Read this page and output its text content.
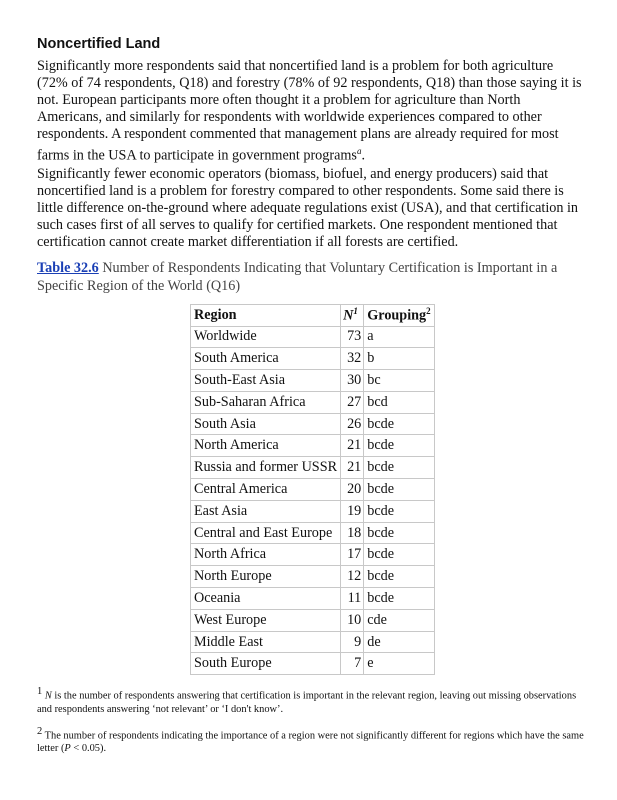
Noncertified Land

Significantly more respondents said that noncertified land is a problem for both agriculture (72% of 74 respondents, Q18) and forestry (78% of 92 respondents, Q18) than those saying it is not. European participants more often thought it a problem for agriculture than North Americans, and similarly for respondents with worldwide experiences compared to other respondents. A respondent commented that management plans are already required for most farms in the USA to participate in government programs$^a$.

Significantly fewer economic operators (biomass, biofuel, and energy producers) said that noncertified land is a problem for forestry compared to other respondents. Some said there is little difference on-the-ground where adequate regulations exist (USA), and that certification in such cases first of all serves to qualify for certified markets. One respondent mentioned that certification cannot create market differentiation if all forests are certified.

Table 32.6 Number of Respondents Indicating that Voluntary Certification is Important in a Specific Region of the World (Q16)
Region	$N^1$	Grouping$^2$
Worldwide	73	a
South America	32	b
South-East Asia	30	bc
Sub-Saharan Africa	27	bcd
South Asia	26	bcde
North America	21	bcde
Russia and former USSR	21	bcde
Central America	20	bcde
East Asia	19	bcde
Central and East Europe	18	bcde
North Africa	17	bcde
North Europe	12	bcde
Oceania	11	bcde
West Europe	10	cde
Middle East	9	de
South Europe	7	e

$^1$ N is the number of respondents answering that certification is important in the relevant region, leaving out missing observations and respondents answering ‘not relevant’ or ‘I don't know’.

$^2$ The number of respondents indicating the importance of a region were not significantly different for regions which have the same letter (P < 0.05).
